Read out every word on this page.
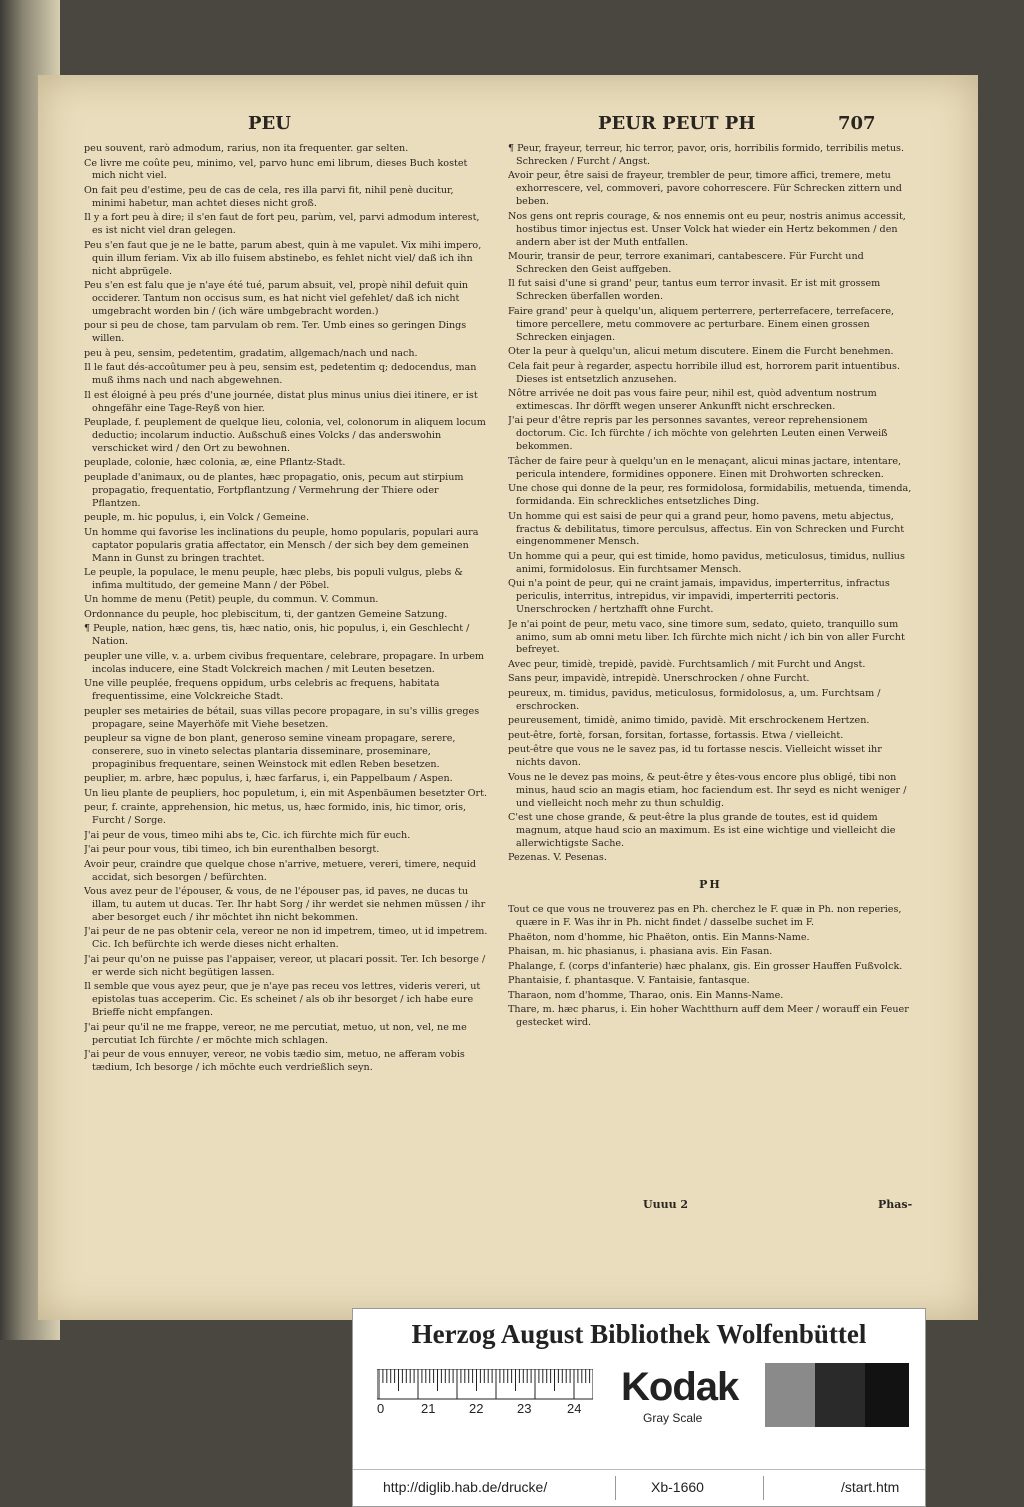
PEU	PEUR PEUT PH	707

peu souvent, rarò admodum, rarius, non ita frequenter. gar selten.

Ce livre me coûte peu, minimo, vel, parvo hunc emi librum, dieses Buch kostet mich nicht viel.

On fait peu d'estime, peu de cas de cela, res illa parvi fit, nihil penè ducitur, minimi habetur, man achtet dieses nicht groß.

Il y a fort peu à dire; il s'en faut de fort peu, parùm, vel, parvi admodum interest, es ist nicht viel dran gelegen.

Peu s'en faut que je ne le batte, parum abest, quin à me vapulet. Vix mihi impero, quin illum feriam. Vix ab illo fuisem abstinebo, es fehlet nicht viel/ daß ich ihn nicht abprügele.

Peu s'en est falu que je n'aye été tué, parum absuit, vel, propè nihil defuit quin occiderer. Tantum non occisus sum, es hat nicht viel gefehlet/ daß ich nicht umgebracht worden bin / (ich wäre umbgebracht worden.)

pour si peu de chose, tam parvulam ob rem. Ter. Umb eines so geringen Dings willen.

peu à peu, sensim, pedetentim, gradatim, allgemach/nach und nach.

Il le faut dés-accoûtumer peu à peu, sensim est, pedetentim q; dedocendus, man muß ihms nach und nach abgewehnen.

Il est éloigné à peu prés d'une journée, distat plus minus unius diei itinere, er ist ohngefähr eine Tage-Reyß von hier.

Peuplade, f. peuplement de quelque lieu, colonia, vel, colonorum in aliquem locum deductio; incolarum inductio. Außschuß eines Volcks / das anderswohin verschicket wird / den Ort zu bewohnen.

peuplade, colonie, hæc colonia, æ, eine Pflantz-Stadt.

peuplade d'animaux, ou de plantes, hæc propagatio, onis, pecum aut stirpium propagatio, frequentatio, Fortpflantzung / Vermehrung der Thiere oder Pflantzen.

peuple, m. hic populus, i, ein Volck / Gemeine.

Un homme qui favorise les inclinations du peuple, homo popularis, populari aura captator popularis gratia affectator, ein Mensch / der sich bey dem gemeinen Mann in Gunst zu bringen trachtet.

Le peuple, la populace, le menu peuple, hæc plebs, bis populi vulgus, plebs & infima multitudo, der gemeine Mann / der Pöbel.

Un homme de menu (Petit) peuple, du commun. V. Commun.

Ordonnance du peuple, hoc plebiscitum, ti, der gantzen Gemeine Satzung.

¶ Peuple, nation, hæc gens, tis, hæc natio, onis, hic populus, i, ein Geschlecht / Nation.

peupler une ville, v. a. urbem civibus frequentare, celebrare, propagare. In urbem incolas inducere, eine Stadt Volckreich machen / mit Leuten besetzen.

Une ville peuplée, frequens oppidum, urbs celebris ac frequens, habitata frequentissime, eine Volckreiche Stadt.

peupler ses metairies de bétail, suas villas pecore propagare, in su's villis greges propagare, seine Mayerhöfe mit Viehe besetzen.

peupleur sa vigne de bon plant, generoso semine vineam propagare, serere, conserere, suo in vineto selectas plantaria disseminare, proseminare, propaginibus frequentare, seinen Weinstock mit edlen Reben besetzen.

peuplier, m. arbre, hæc populus, i, hæc farfarus, i, ein Pappelbaum / Aspen.

Un lieu plante de peupliers, hoc populetum, i, ein mit Aspenbäumen besetzter Ort.

peur, f. crainte, apprehension, hic metus, us, hæc formido, inis, hic timor, oris, Furcht / Sorge.

J'ai peur de vous, timeo mihi abs te, Cic. ich fürchte mich für euch.

J'ai peur pour vous, tibi timeo, ich bin eurenthalben besorgt.

Avoir peur, craindre que quelque chose n'arrive, metuere, vereri, timere, nequid accidat, sich besorgen / befürchten.

Vous avez peur de l'épouser, & vous, de ne l'épouser pas, id paves, ne ducas tu illam, tu autem ut ducas. Ter. Ihr habt Sorg / ihr werdet sie nehmen müssen / ihr aber besorget euch / ihr möchtet ihn nicht bekommen.

J'ai peur de ne pas obtenir cela, vereor ne non id impetrem, timeo, ut id impetrem. Cic. Ich befürchte ich werde dieses nicht erhalten.

J'ai peur qu'on ne puisse pas l'appaiser, vereor, ut placari possit. Ter. Ich besorge / er werde sich nicht begütigen lassen.

Il semble que vous ayez peur, que je n'aye pas receu vos lettres, videris vereri, ut epistolas tuas acceperim. Cic. Es scheinet / als ob ihr besorget / ich habe eure Brieffe nicht empfangen.

J'ai peur qu'il ne me frappe, vereor, ne me percutiat, metuo, ut non, vel, ne me percutiat Ich fürchte / er möchte mich schlagen.

J'ai peur de vous ennuyer, vereor, ne vobis tædio sim, metuo, ne afferam vobis tædium, Ich besorge / ich möchte euch verdrießlich seyn.

¶ Peur, frayeur, terreur, hic terror, pavor, oris, horribilis formido, terribilis metus. Schrecken / Furcht / Angst.

Avoir peur, être saisi de frayeur, trembler de peur, timore affici, tremere, metu exhorrescere, vel, commoveri, pavore cohorrescere. Für Schrecken zittern und beben.

Nos gens ont repris courage, & nos ennemis ont eu peur, nostris animus accessit, hostibus timor injectus est. Unser Volck hat wieder ein Hertz bekommen / den andern aber ist der Muth entfallen.

Mourir, transir de peur, terrore exanimari, cantabescere. Für Furcht und Schrecken den Geist auffgeben.

Il fut saisi d'une si grand' peur, tantus eum terror invasit. Er ist mit grossem Schrecken überfallen worden.

Faire grand' peur à quelqu'un, aliquem perterrere, perterrefacere, terrefacere, timore percellere, metu commovere ac perturbare. Einem einen grossen Schrecken einjagen.

Oter la peur à quelqu'un, alicui metum discutere. Einem die Furcht benehmen.

Cela fait peur à regarder, aspectu horribile illud est, horrorem parit intuentibus. Dieses ist entsetzlich anzusehen.

Nôtre arrivée ne doit pas vous faire peur, nihil est, quòd adventum nostrum extimescas. Ihr dörfft wegen unserer Ankunfft nicht erschrecken.

J'ai peur d'être repris par les personnes savantes, vereor reprehensionem doctorum. Cic. Ich fürchte / ich möchte von gelehrten Leuten einen Verweiß bekommen.

Tâcher de faire peur à quelqu'un en le menaçant, alicui minas jactare, intentare, pericula intendere, formidines opponere. Einen mit Drohworten schrecken.

Une chose qui donne de la peur, res formidolosa, formidabilis, metuenda, timenda, formidanda. Ein schreckliches entsetzliches Ding.

Un homme qui est saisi de peur qui a grand peur, homo pavens, metu abjectus, fractus & debilitatus, timore perculsus, affectus. Ein von Schrecken und Furcht eingenommener Mensch.

Un homme qui a peur, qui est timide, homo pavidus, meticulosus, timidus, nullius animi, formidolosus. Ein furchtsamer Mensch.

Qui n'a point de peur, qui ne craint jamais, impavidus, imperterritus, infractus periculis, interritus, intrepidus, vir impavidi, imperterriti pectoris. Unerschrocken / hertzhafft ohne Furcht.

Je n'ai point de peur, metu vaco, sine timore sum, sedato, quieto, tranquillo sum animo, sum ab omni metu liber. Ich fürchte mich nicht / ich bin von aller Furcht befreyet.

Avec peur, timidè, trepidè, pavidè. Furchtsamlich / mit Furcht und Angst.

Sans peur, impavidè, intrepidè. Unerschrocken / ohne Furcht.

peureux, m. timidus, pavidus, meticulosus, formidolosus, a, um. Furchtsam / erschrocken.

peureusement, timidè, animo timido, pavidè. Mit erschrockenem Hertzen.

peut-être, fortè, forsan, forsitan, fortasse, fortassis. Etwa / vielleicht.

peut-être que vous ne le savez pas, id tu fortasse nescis. Vielleicht wisset ihr nichts davon.

Vous ne le devez pas moins, & peut-être y êtes-vous encore plus obligé, tibi non minus, haud scio an magis etiam, hoc faciendum est. Ihr seyd es nicht weniger / und vielleicht noch mehr zu thun schuldig.

C'est une chose grande, & peut-être la plus grande de toutes, est id quidem magnum, atque haud scio an maximum. Es ist eine wichtige und vielleicht die allerwichtigste Sache.

Pezenas. V. Pesenas.

PH

Tout ce que vous ne trouverez pas en Ph. cherchez le F. quæ in Ph. non reperies, quære in F. Was ihr in Ph. nicht findet / dasselbe suchet im F.

Phaëton, nom d'homme, hic Phaëton, ontis. Ein Manns-Name.

Phaisan, m. hic phasianus, i. phasiana avis. Ein Fasan.

Phalange, f. (corps d'infanterie) hæc phalanx, gis. Ein grosser Hauffen Fußvolck.

Phantaisie, f. phantasque. V. Fantaisie, fantasque.

Tharaon, nom d'homme, Tharao, onis. Ein Manns-Name.

Thare, m. hæc pharus, i. Ein hoher Wachtthurn auff dem Meer / worauff ein Feuer gestecket wird.

Uuuu 2	Phas-
Herzog August Bibliothek Wolfenbüttel
0	21	22	23	24 Kodak
Gray Scale
http://diglib.hab.de/drucke/	Xb-1660	/start.htm
